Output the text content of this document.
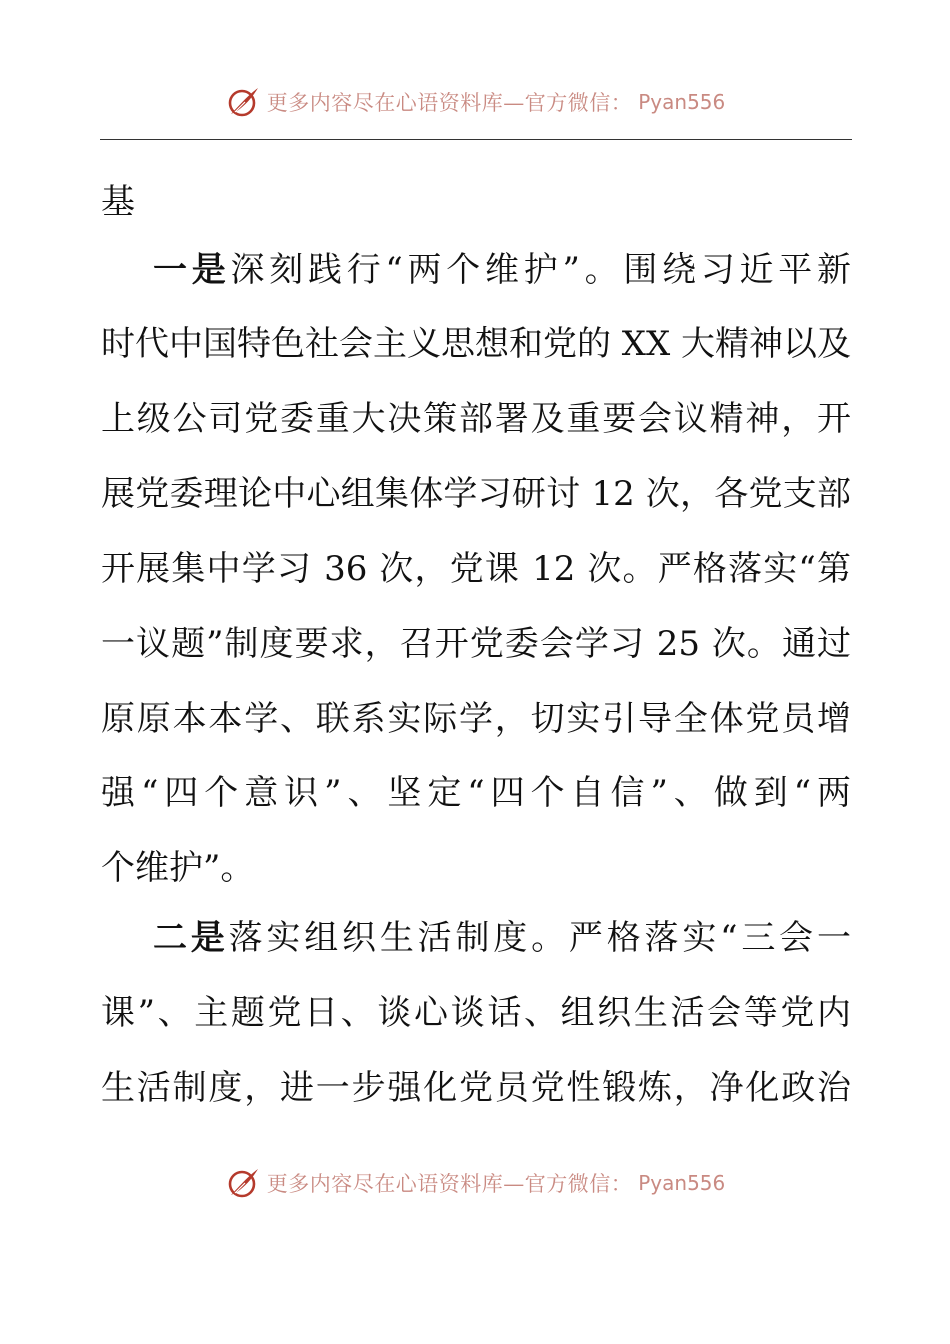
更多内容尽在心语资料库—官方微信： Pyan556
基
一是深刻践行“两个维护”。围绕习近平新
时代中国特色社会主义思想和党的 XX 大精神以及
上级公司党委重大决策部署及重要会议精神，开
展党委理论中心组集体学习研讨 12 次，各党支部
开展集中学习 36 次，党课 12 次。严格落实“第
一议题”制度要求，召开党委会学习 25 次。通过
原原本本学、联系实际学，切实引导全体党员增
强“四个意识”、坚定“四个自信”、做到“两
个维护”。
二是落实组织生活制度。严格落实“三会一
课”、主题党日、谈心谈话、组织生活会等党内
生活制度，进一步强化党员党性锻炼，净化政治
更多内容尽在心语资料库—官方微信： Pyan556
